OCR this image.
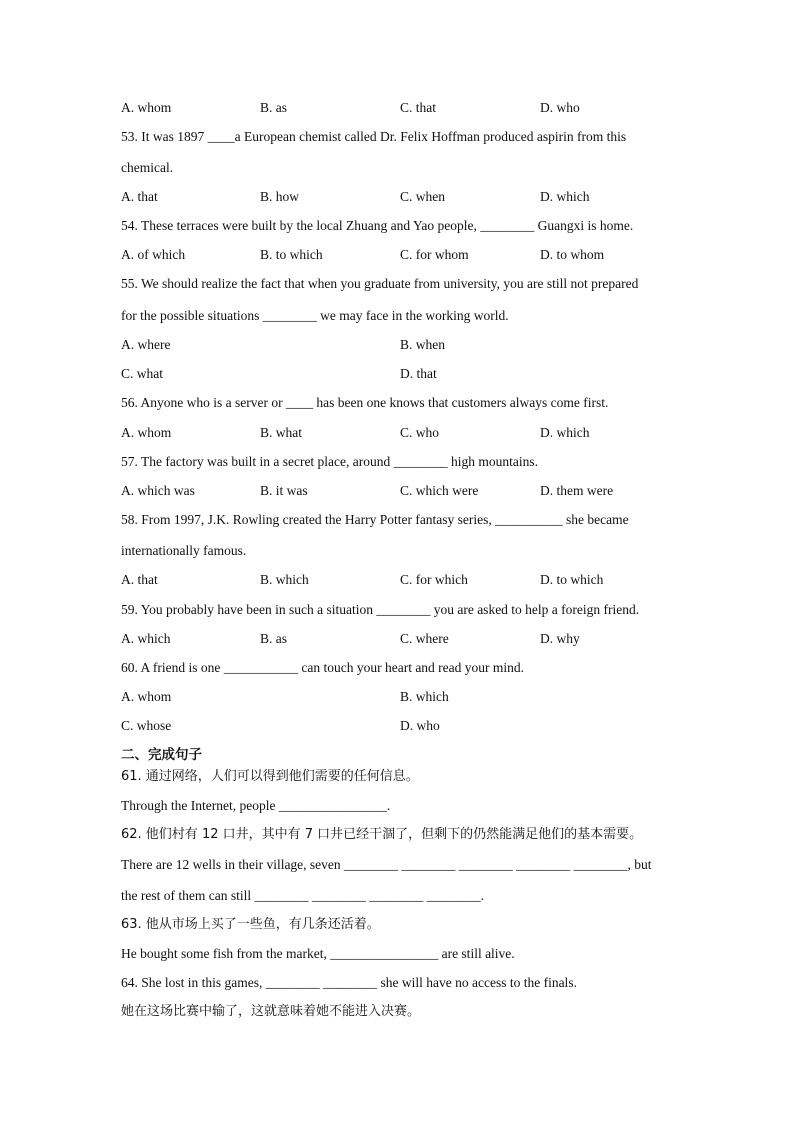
A. whom	B. as	C. that	D. who
53. It was 1897 ____a European chemist called Dr. Felix Hoffman produced aspirin from this
chemical.
A. that	B. how	C. when	D. which
54. These terraces were built by the local Zhuang and Yao people, ________ Guangxi is home.
A. of which	B. to which	C. for whom	D. to whom
55. We should realize the fact that when you graduate from university, you are still not prepared
for the possible situations ________ we may face in the working world.
A. where	B. when
C. what	D. that
56. Anyone who is a server or ____ has been one knows that customers always come first.
A. whom	B. what	C. who	D. which
57. The factory was built in a secret place, around ________ high mountains.
A. which was	B. it was	C. which were	D. them were
58. From 1997, J.K. Rowling created the Harry Potter fantasy series, __________ she became
internationally famous.
A. that	B. which	C. for which	D. to which
59. You probably have been in such a situation ________ you are asked to help a foreign friend.
A. which	B. as	C. where	D. why
60. A friend is one ___________ can touch your heart and read your mind.
A. whom	B. which
C. whose	D. who
二、完成句子
61. 通过网络，人们可以得到他们需要的任何信息。
Through the Internet, people ________________.
62. 他们村有 12 口井，其中有 7 口井已经干涸了，但剩下的仍然能满足他们的基本需要。
There are 12 wells in their village, seven ________ ________ ________ ________ ________, but
the rest of them can still ________ ________ ________ ________.
63. 他从市场上买了一些鱼，有几条还活着。
He bought some fish from the market, ________________ are still alive.
64. She lost in this games, ________ ________ she will have no access to the finals.
她在这场比赛中输了，这就意味着她不能进入决赛。
